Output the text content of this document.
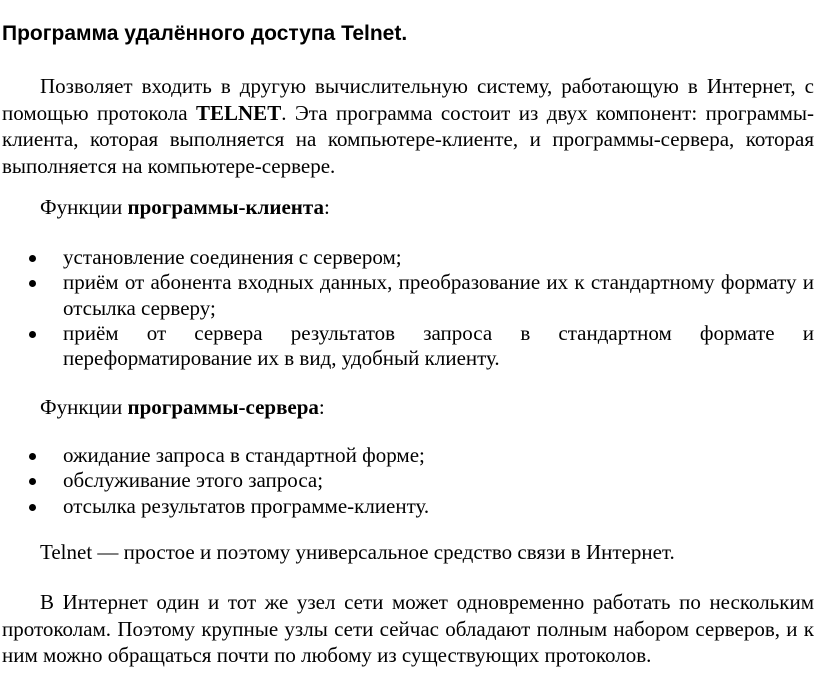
Программа удалённого доступа Telnet.

Позволяет входить в другую вычислительную систему, работающую в Интернет, с помощью протокола TELNET. Эта программа состоит из двух компонент: программы-клиента, которая выполняется на компьютере-клиенте, и программы-сервера, которая выполняется на компьютере-сервере.

Функции программы-клиента:

установление соединения с сервером;
приём от абонента входных данных, преобразование их к стандартному формату и отсылка серверу;
приём от сервера результатов запроса в стандартном формате и переформатирование их в вид, удобный клиенту.

Функции программы-сервера:

ожидание запроса в стандартной форме;
обслуживание этого запроса;
отсылка результатов программе-клиенту.

Telnet — простое и поэтому универсальное средство связи в Интернет.

В Интернет один и тот же узел сети может одновременно работать по нескольким протоколам. Поэтому крупные узлы сети сейчас обладают полным набором серверов, и к ним можно обращаться почти по любому из существующих протоколов.
